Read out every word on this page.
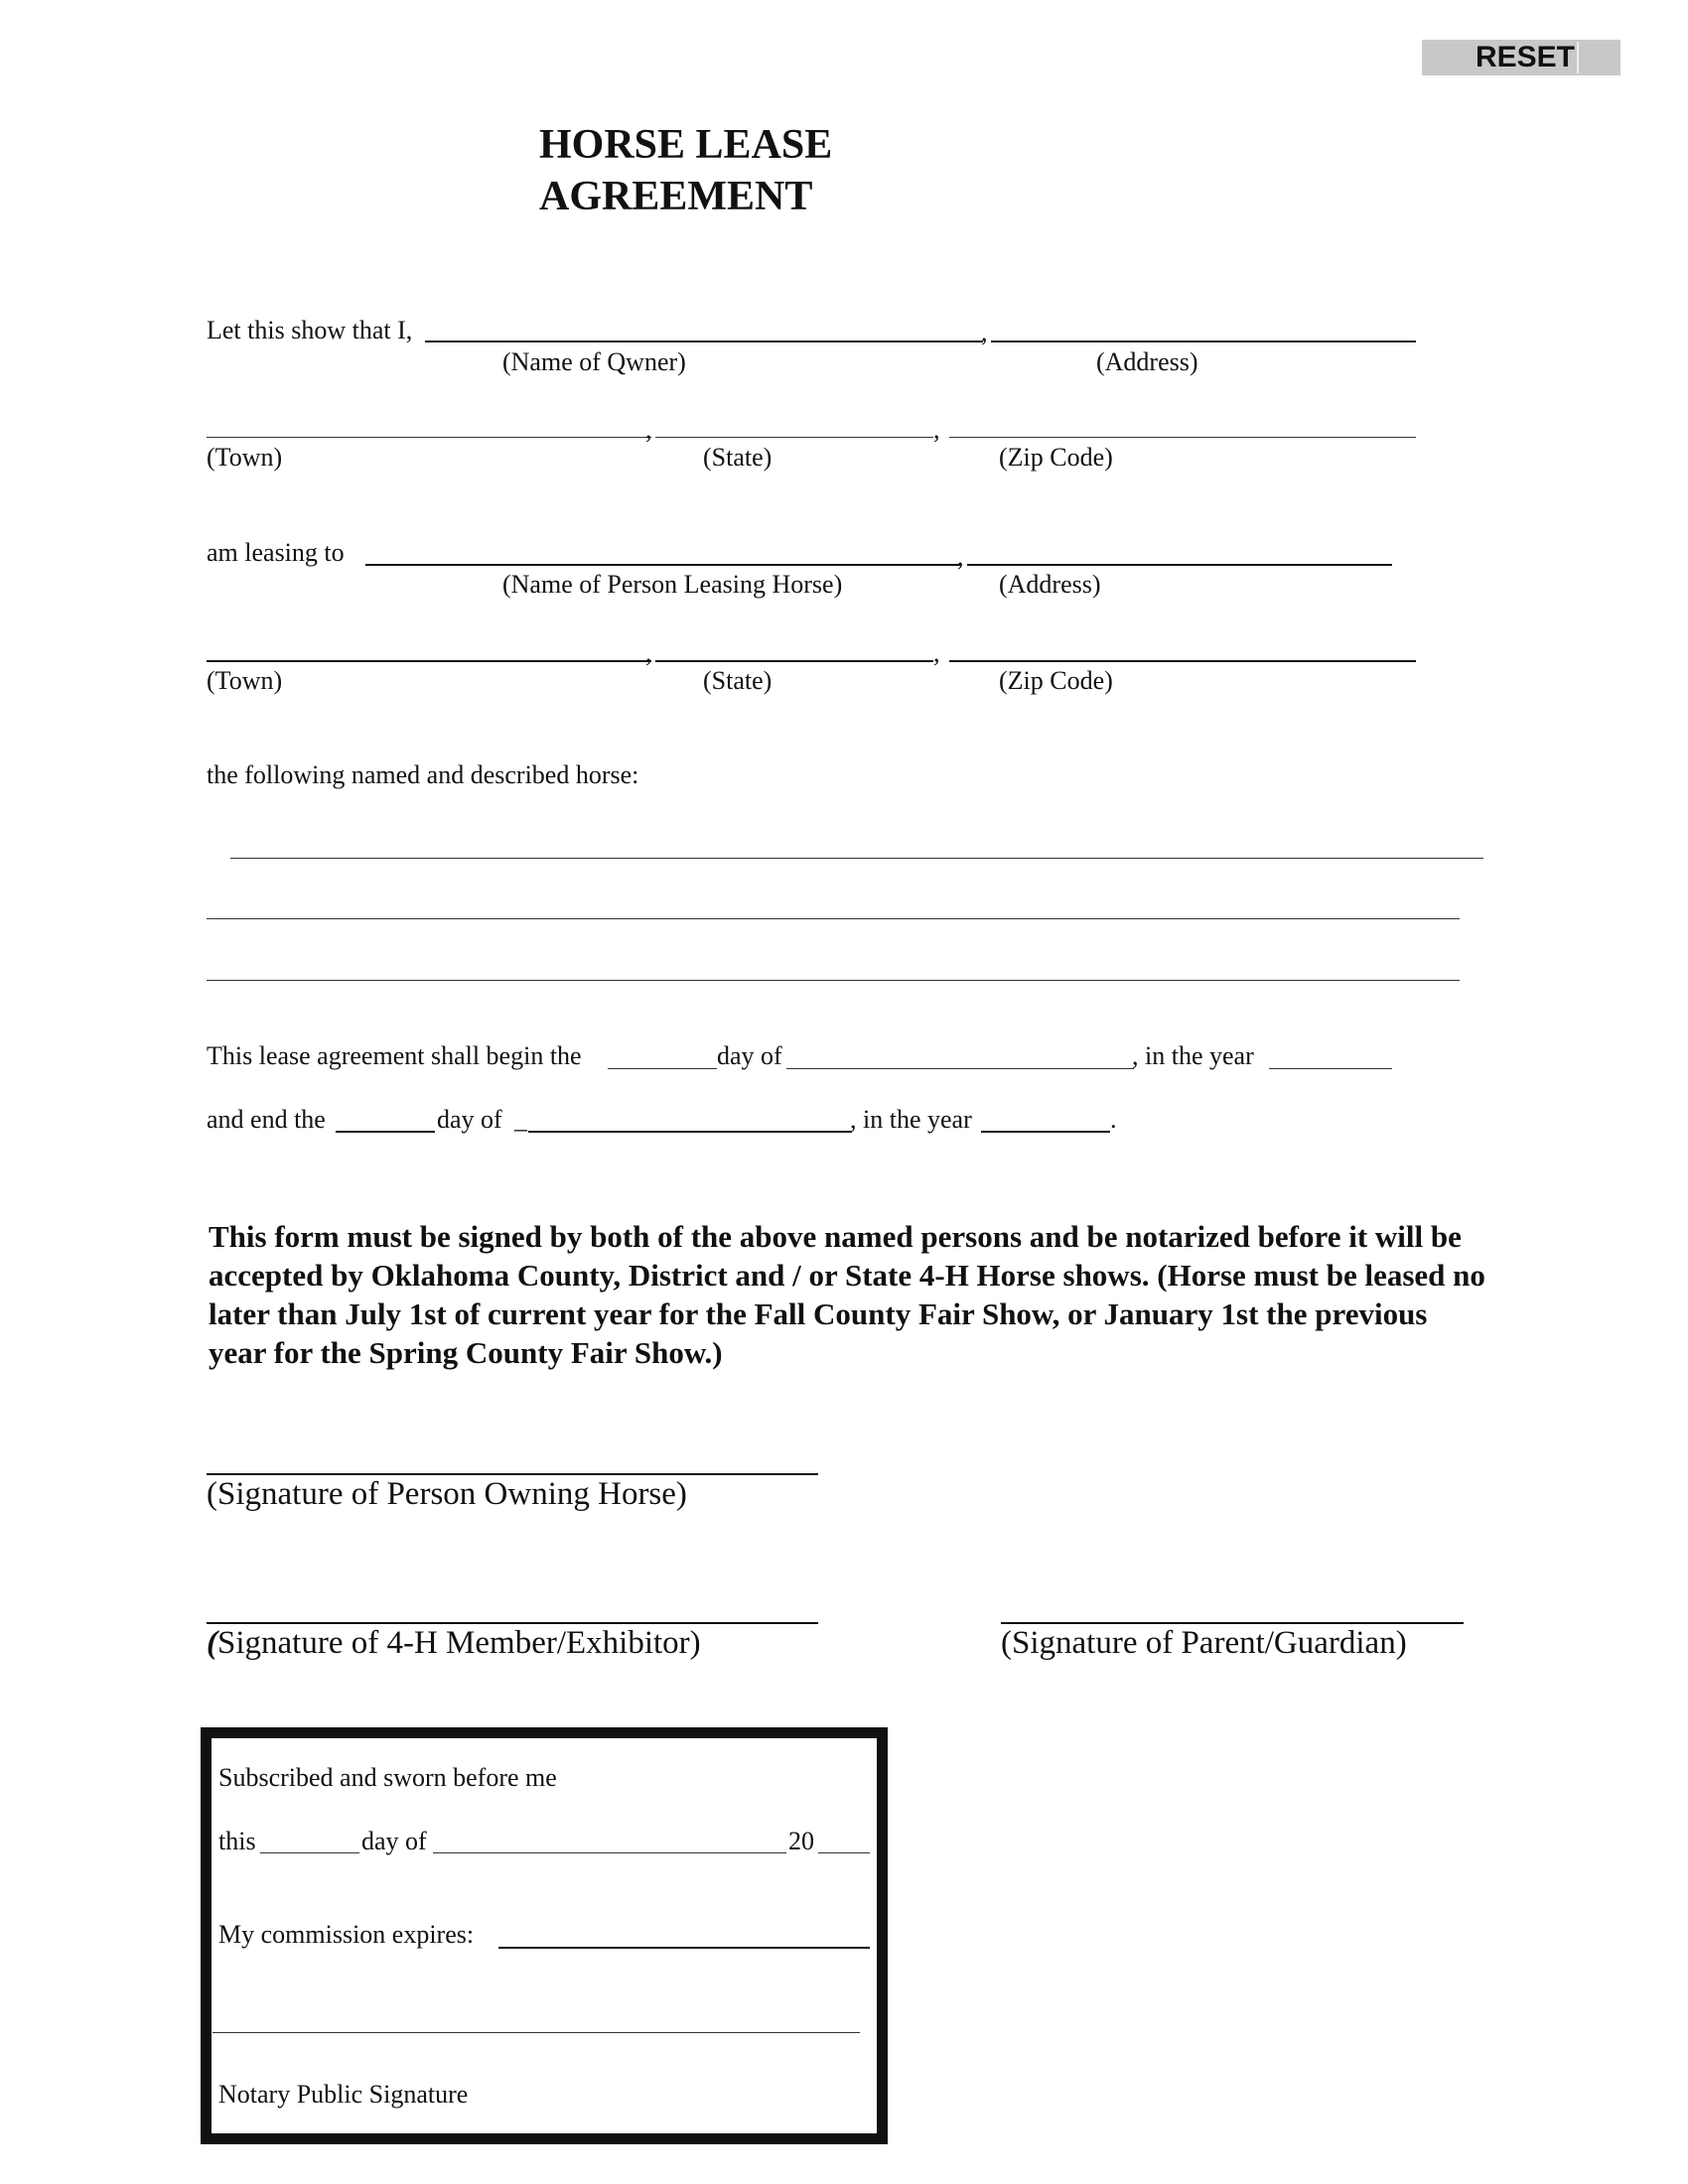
RESET
HORSE LEASE
AGREEMENT
Let this show that I,	,
(Name of Qwner)	(Address)
,	,
(Town)	(State)	(Zip Code)
am leasing to	,
(Name of Person Leasing Horse)	(Address)
,	,
(Town)	(State)	(Zip Code)
the following named and described horse:
This lease agreement shall begin the	day of	, in the year
and end the	day of _	, in the year	.
This form must be signed by both of the above named persons and be notarized before it will be accepted by Oklahoma County, District and / or State 4-H Horse shows. (Horse must be leased no later than July 1st of current year for the Fall County Fair Show, or January 1st the previous year for the Spring County Fair Show.)
(Signature of Person Owning Horse)
(Signature of 4-H Member/Exhibitor)	(Signature of Parent/Guardian)
Subscribed and sworn before me
this	day of	20
My commission expires:
Notary Public Signature
